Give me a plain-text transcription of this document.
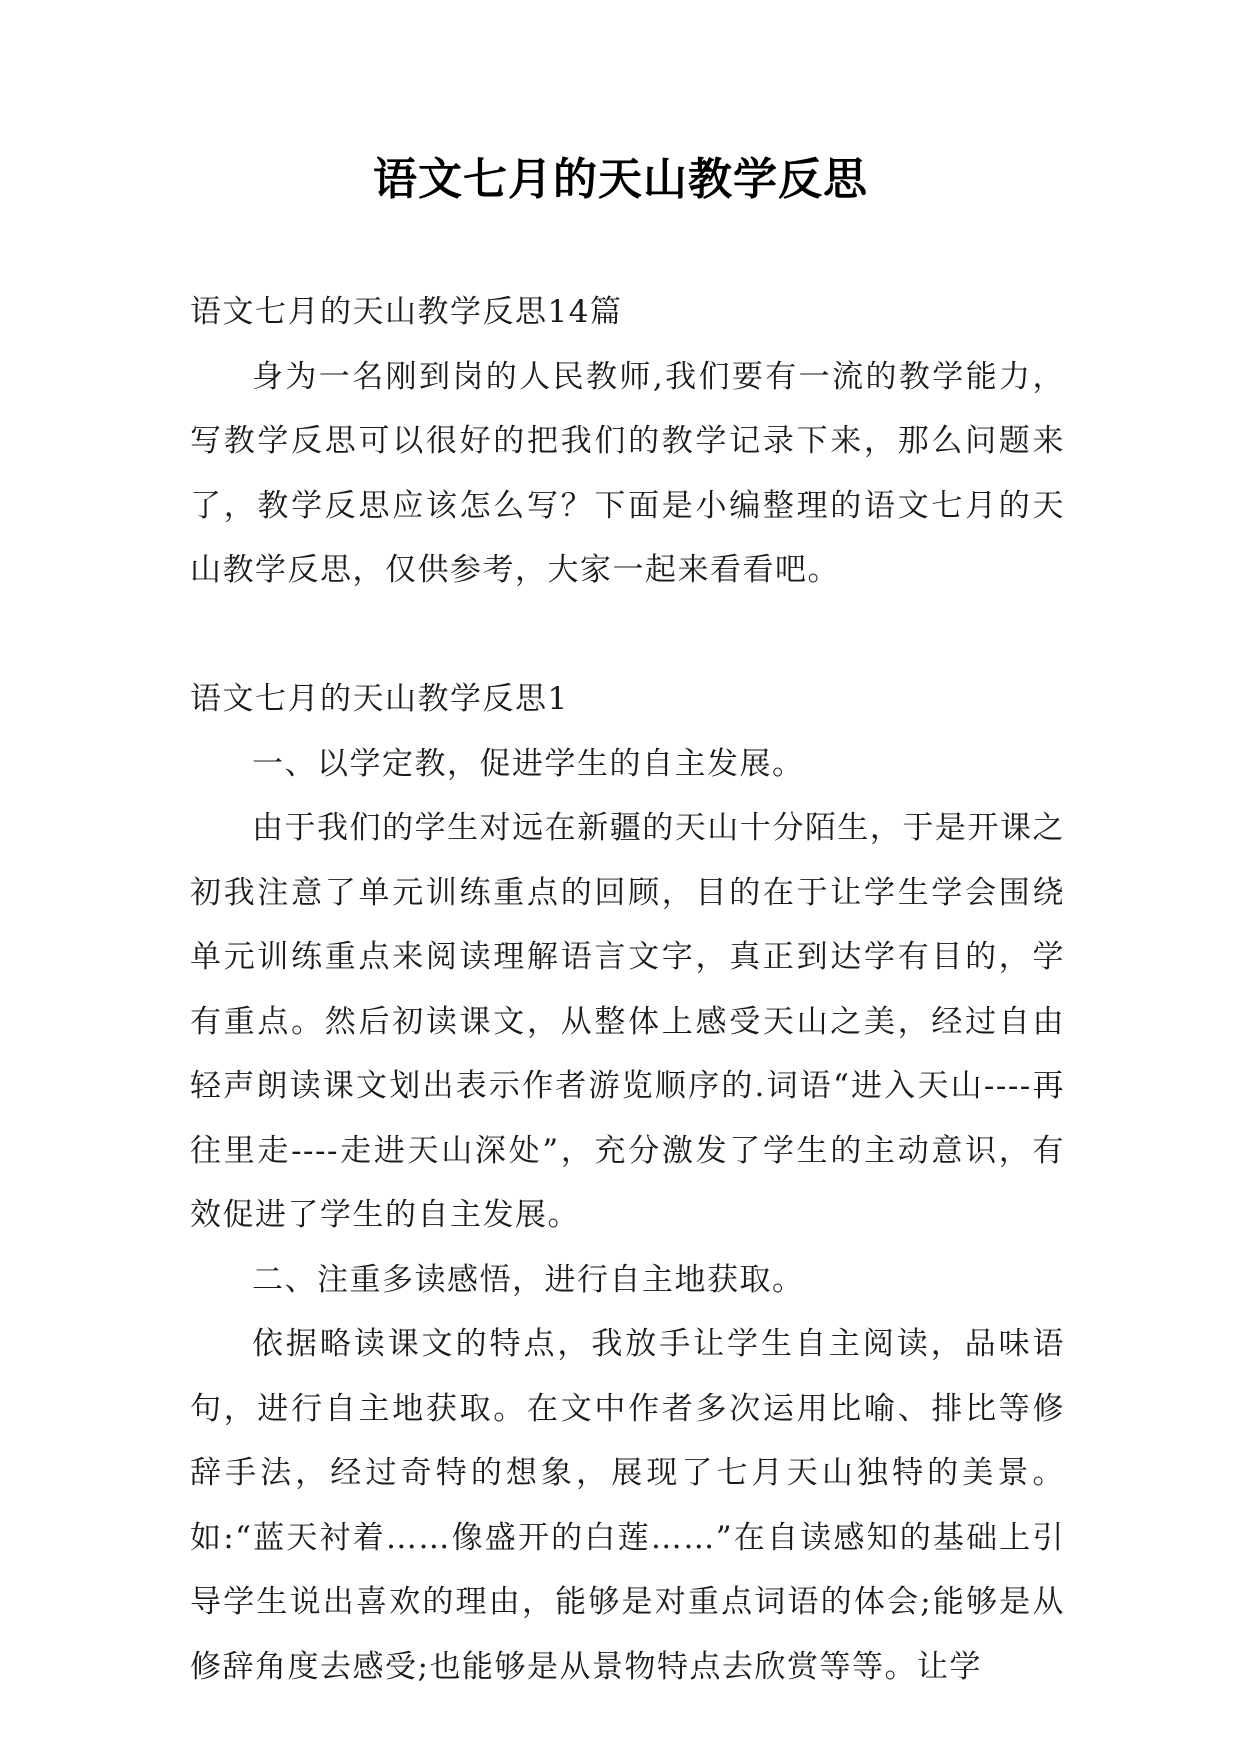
语文七月的天山教学反思

语文七月的天山教学反思14篇

身为一名刚到岗的人民教师,我们要有一流的教学能力，写教学反思可以很好的把我们的教学记录下来，那么问题来了，教学反思应该怎么写？下面是小编整理的语文七月的天山教学反思，仅供参考，大家一起来看看吧。

语文七月的天山教学反思1

一、以学定教，促进学生的自主发展。

由于我们的学生对远在新疆的天山十分陌生，于是开课之初我注意了单元训练重点的回顾，目的在于让学生学会围绕单元训练重点来阅读理解语言文字，真正到达学有目的，学有重点。然后初读课文，从整体上感受天山之美，经过自由轻声朗读课文划出表示作者游览顺序的.词语“进入天山----再往里走----走进天山深处”，充分激发了学生的主动意识，有效促进了学生的自主发展。

二、注重多读感悟，进行自主地获取。

依据略读课文的特点，我放手让学生自主阅读，品味语句，进行自主地获取。在文中作者多次运用比喻、排比等修辞手法，经过奇特的想象，展现了七月天山独特的美景。如:“蓝天衬着……像盛开的白莲……”在自读感知的基础上引导学生说出喜欢的理由，能够是对重点词语的体会;能够是从修辞角度去感受;也能够是从景物特点去欣赏等等。让学
